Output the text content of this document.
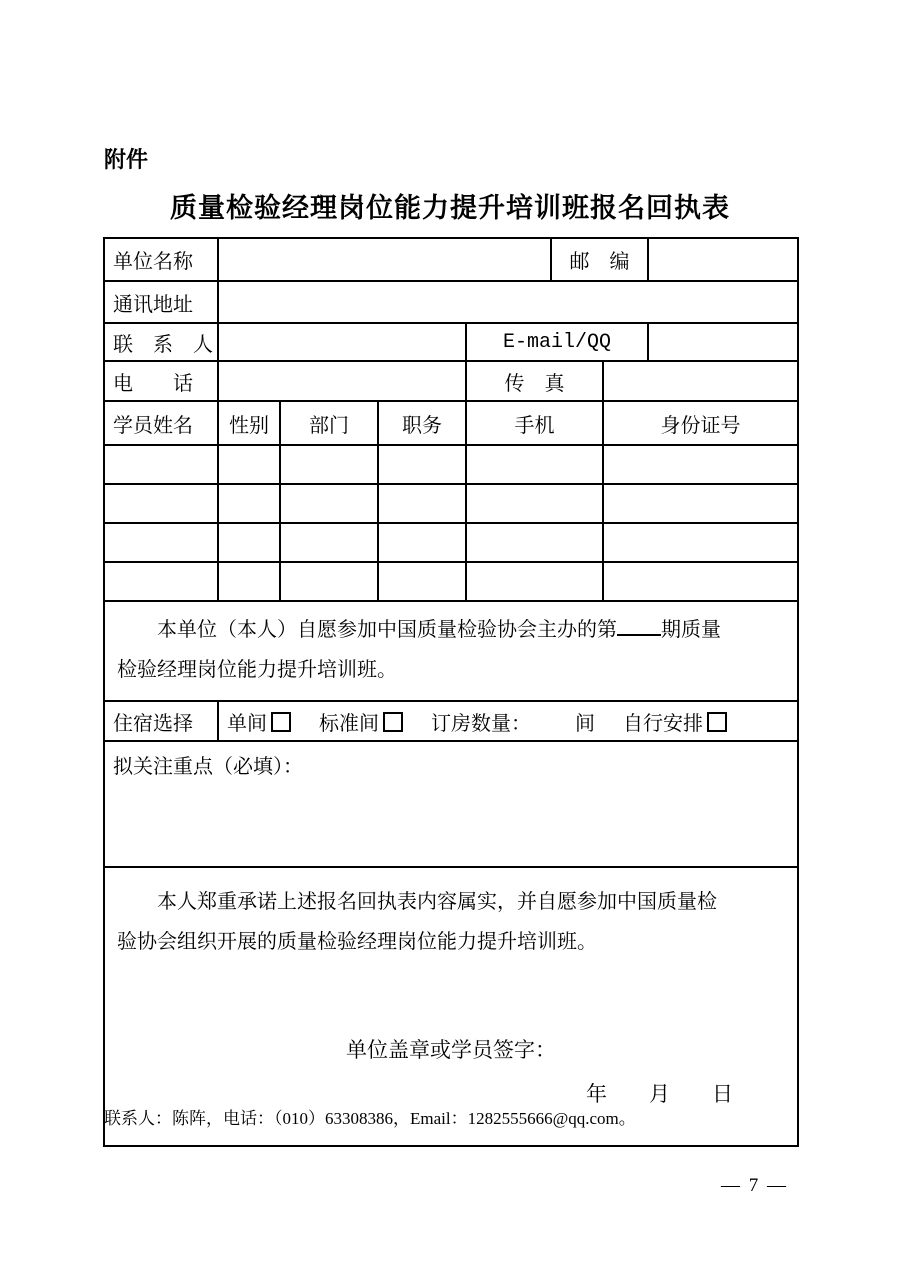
附件
质量检验经理岗位能力提升培训班报名回执表
单位名称					邮　编		
通讯地址							
联　系　人				E-mail/QQ			
电　　话				传　真			
学员姓名	性别	部门	职务	手机		身份证号	

本单位（本人）自愿参加中国质量检验协会主办的第 期质量
检验经理岗位能力提升培训班。							

住宿选择	单间 标准间 订房数量： 间 自行安排						
拟关注重点（必填）：							

本人郑重承诺上述报名回执表内容属实，并自愿参加中国质量检
验协会组织开展的质量检验经理岗位能力提升培训班。
单位盖章或学员签字：
年　　月　　日							
联系人：陈阵，电话：（010）63308386，Email：1282555666@qq.com。
— 7 —
